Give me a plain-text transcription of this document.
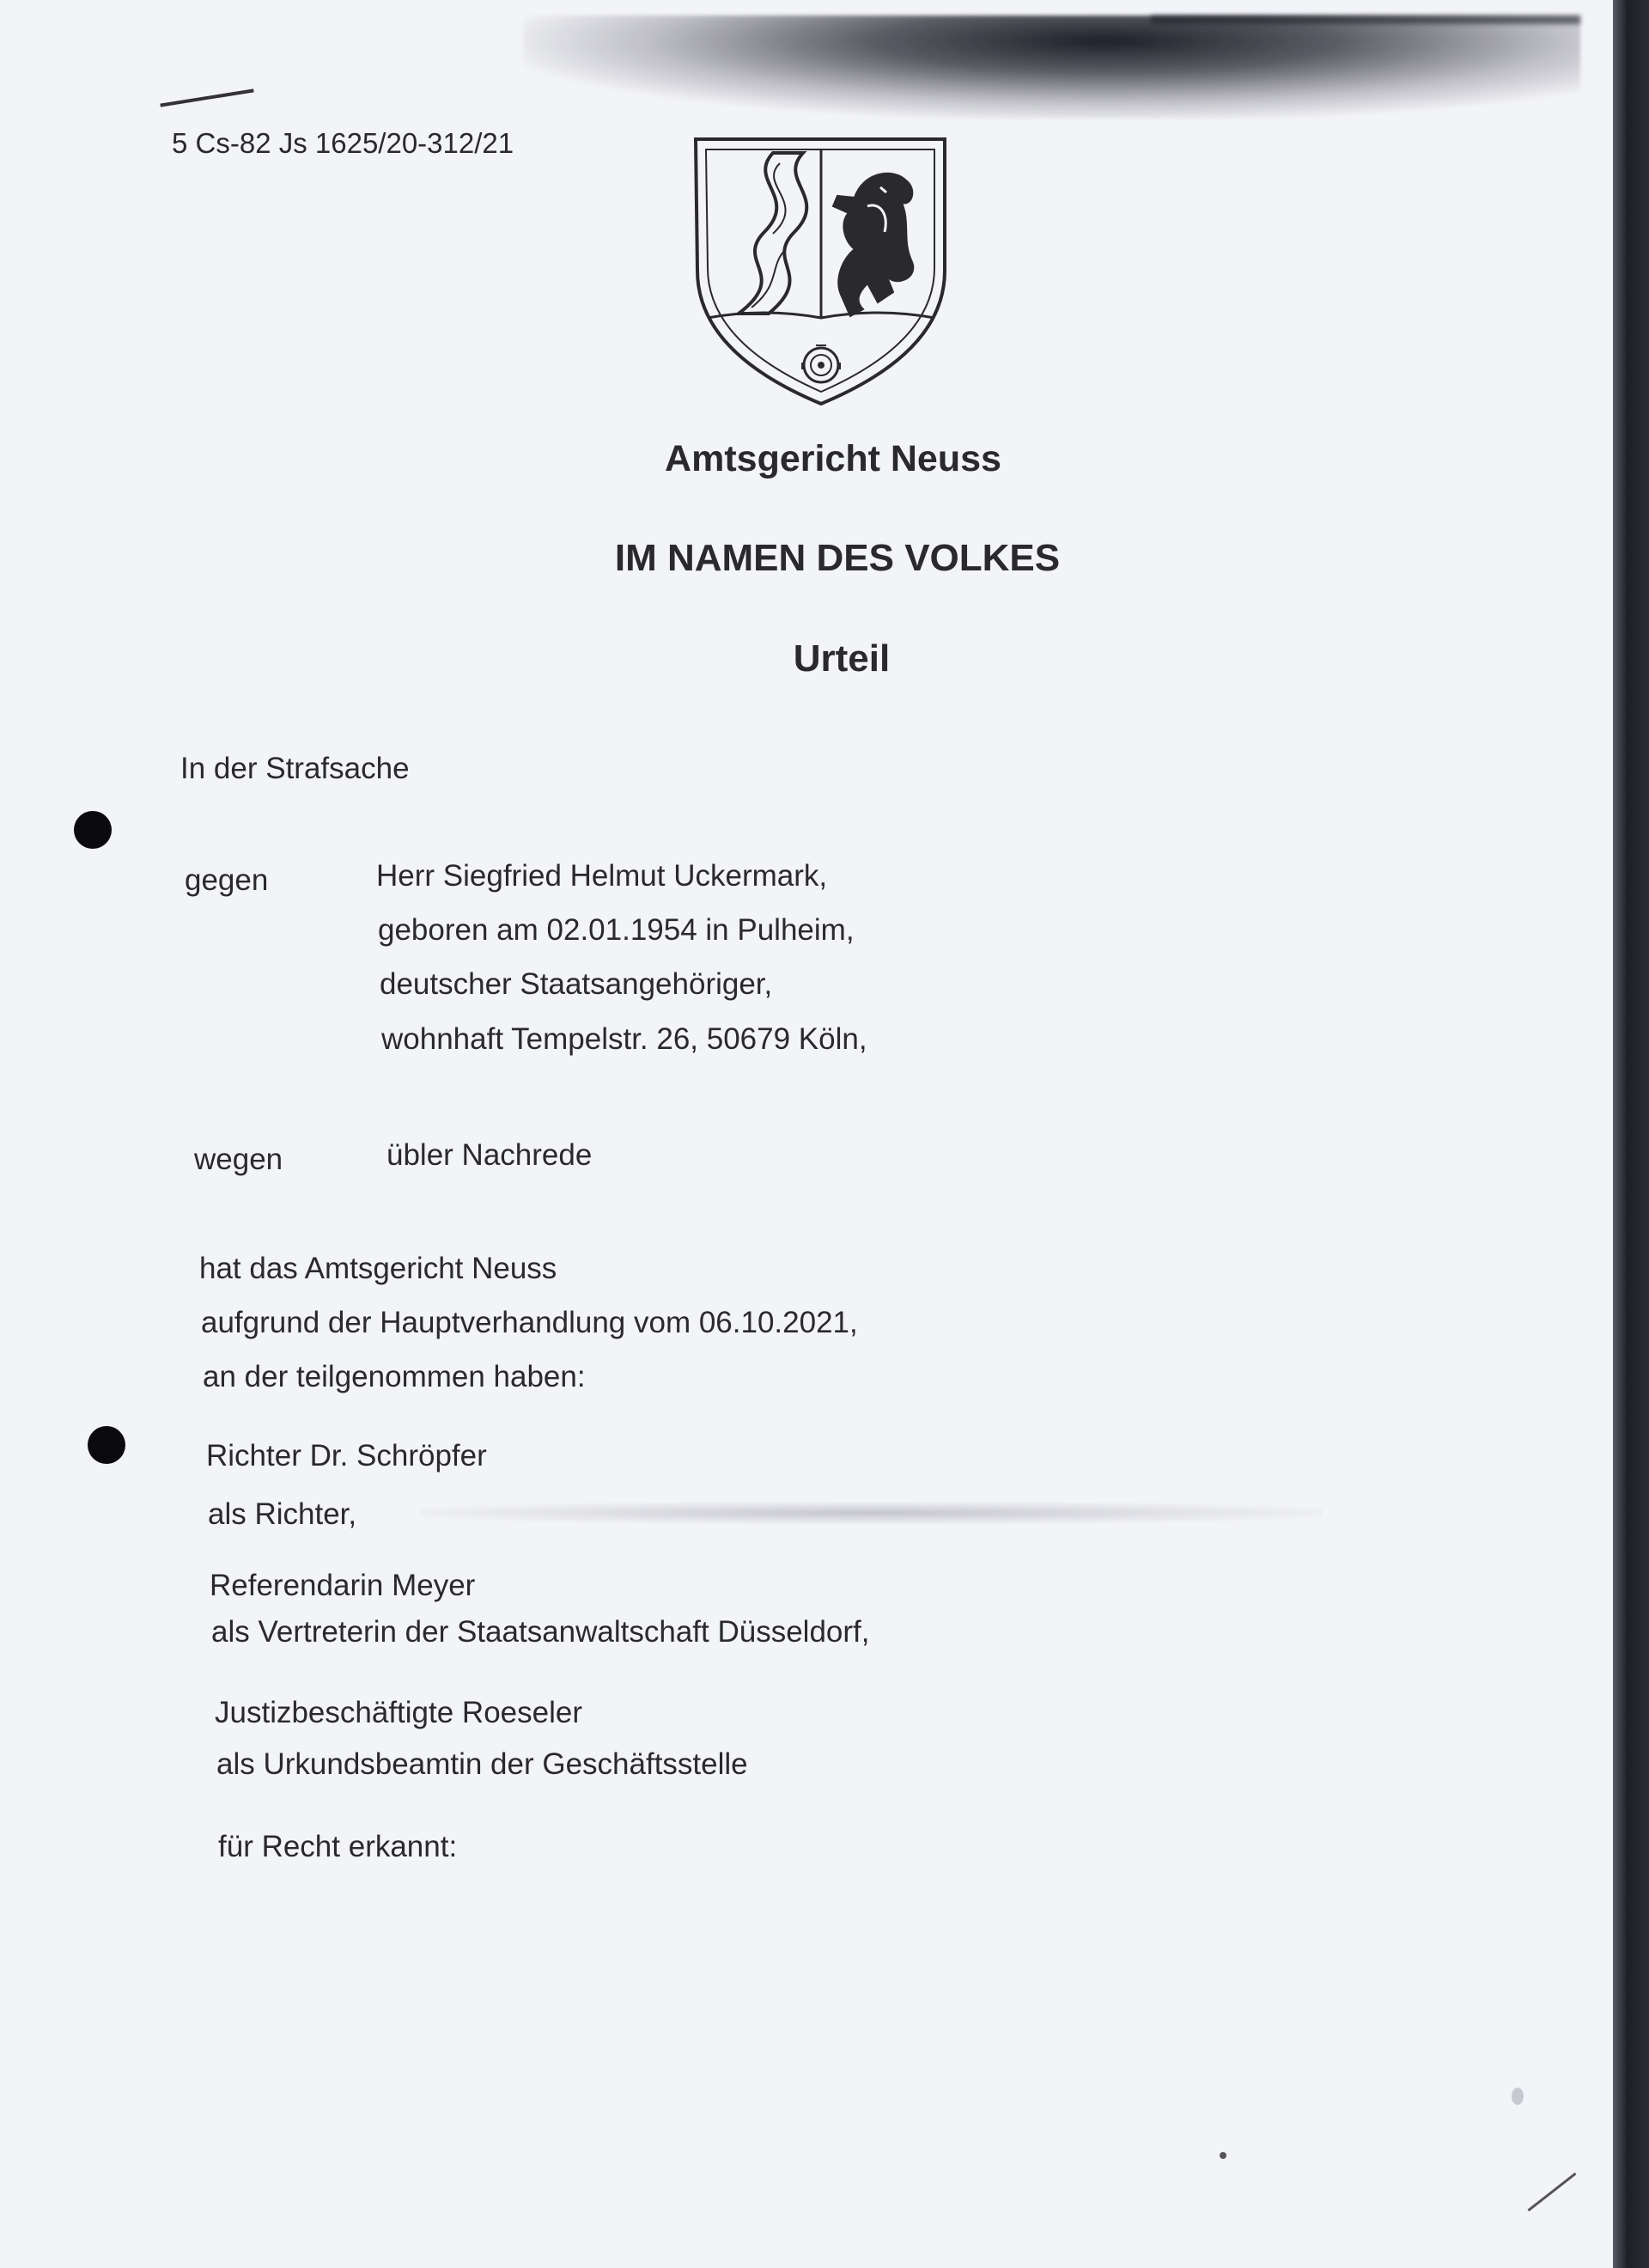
5 Cs-82 Js 1625/20-312/21
Amtsgericht Neuss
IM NAMEN DES VOLKES
Urteil
In der Strafsache
gegen	Herr Siegfried Helmut Uckermark,
geboren am 02.01.1954 in Pulheim,
deutscher Staatsangehöriger,
wohnhaft Tempelstr. 26, 50679 Köln,
wegen	übler Nachrede
hat das Amtsgericht Neuss
aufgrund der Hauptverhandlung vom 06.10.2021,
an der teilgenommen haben:
Richter Dr. Schröpfer
als Richter,
Referendarin Meyer
als Vertreterin der Staatsanwaltschaft Düsseldorf,
Justizbeschäftigte Roeseler
als Urkundsbeamtin der Geschäftsstelle
für Recht erkannt:
